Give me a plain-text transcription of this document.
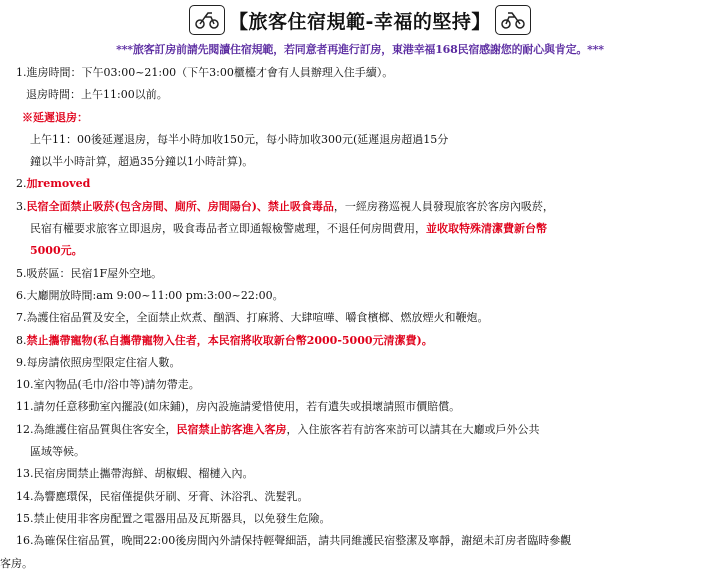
【旅客住宿規範-幸福的堅持】
***旅客訂房前請先閱讀住宿規範，若同意者再進行訂房，東港幸福168民宿感謝您的耐心與肯定。***
1.進房時間：下午03:00~21:00（下午3:00櫃檯才會有人員辦理入住手續）。
退房時間：上午11:00以前。
※延遲退房：
上午11：00後延遲退房，每半小時加收150元，每小時加收300元(延遲退房超過15分
鐘以半小時計算，超過35分鐘以1小時計算)。
2.加removed
3.民宿全面禁止吸菸(包含房間、廁所、房間陽台)、禁止吸食毒品，一經房務巡視人員發現旅客於客房內吸菸，
民宿有權要求旅客立即退房，吸食毒品者立即通報檢警處理，不退任何房間費用，並收取特殊清潔費新台幣
5000元。
5.吸菸區：民宿1F屋外空地。
6.大廳開放時間:am 9:00~11:00 pm:3:00~22:00。
7.為護住宿品質及安全，全面禁止炊煮、酗酒、打麻將、大肆喧嘩、嚼食檳榔、燃放煙火和鞭炮。
8.禁止攜帶寵物(私自攜帶寵物入住者，本民宿將收取新台幣2000-5000元清潔費)。
9.每房請依照房型限定住宿人數。
10.室內物品(毛巾/浴巾等)請勿帶走。
11.請勿任意移動室內擺設(如床鋪)，房內設施請愛惜使用，若有遺失或損壞請照市價賠償。
12.為維護住宿品質與住客安全，民宿禁止訪客進入客房，入住旅客若有訪客來訪可以請其在大廳或戶外公共
區域等候。
13.民宿房間禁止攜帶海鮮、胡椒蝦、榴槤入內。
14.為響應環保，民宿僅提供牙刷、牙膏、沐浴乳、洗髮乳。
15.禁止使用非客房配置之電器用品及瓦斯器具，以免發生危險。
16.為確保住宿品質，晚間22:00後房間內外請保持輕聲細語，請共同維護民宿整潔及寧靜，謝絕未訂房者臨時參觀
客房。
